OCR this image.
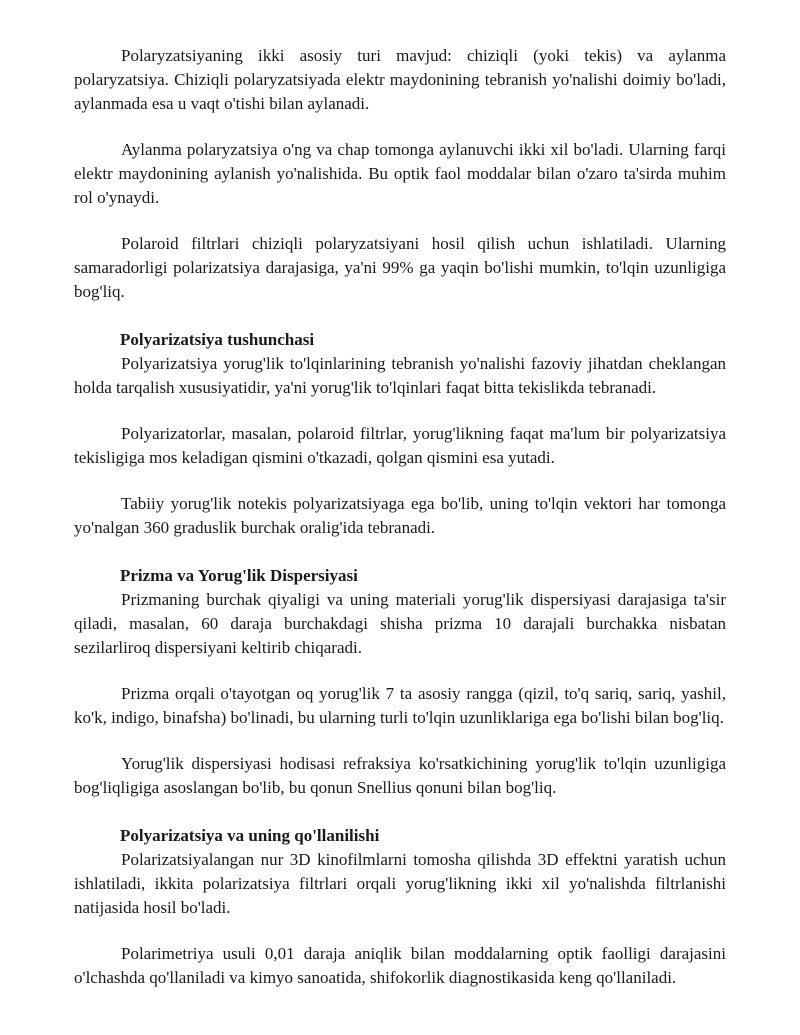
Polaryzatsiyaning ikki asosiy turi mavjud: chiziqli (yoki tekis) va aylanma polaryzatsiya. Chiziqli polaryzatsiyada elektr maydonining tebranish yo'nalishi doimiy bo'ladi, aylanmada esa u vaqt o'tishi bilan aylanadi.

Aylanma polaryzatsiya o'ng va chap tomonga aylanuvchi ikki xil bo'ladi. Ularning farqi elektr maydonining aylanish yo'nalishida. Bu optik faol moddalar bilan o'zaro ta'sirda muhim rol o'ynaydi.

Polaroid filtrlari chiziqli polaryzatsiyani hosil qilish uchun ishlatiladi. Ularning samaradorligi polarizatsiya darajasiga, ya'ni 99% ga yaqin bo'lishi mumkin, to'lqin uzunligiga bog'liq.

Polyarizatsiya tushunchasi

Polyarizatsiya yorug'lik to'lqinlarining tebranish yo'nalishi fazoviy jihatdan cheklangan holda tarqalish xususiyatidir, ya'ni yorug'lik to'lqinlari faqat bitta tekislikda tebranadi.

Polyarizatorlar, masalan, polaroid filtrlar, yorug'likning faqat ma'lum bir polyarizatsiya tekisligiga mos keladigan qismini o'tkazadi, qolgan qismini esa yutadi.

Tabiiy yorug'lik notekis polyarizatsiyaga ega bo'lib, uning to'lqin vektori har tomonga yo'nalgan 360 graduslik burchak oralig'ida tebranadi.

Prizma va Yorug'lik Dispersiyasi

Prizmaning burchak qiyaligi va uning materiali yorug'lik dispersiyasi darajasiga ta'sir qiladi, masalan, 60 daraja burchakdagi shisha prizma 10 darajali burchakka nisbatan sezilarliroq dispersiyani keltirib chiqaradi.

Prizma orqali o'tayotgan oq yorug'lik 7 ta asosiy rangga (qizil, to'q sariq, sariq, yashil, ko'k, indigo, binafsha) bo'linadi, bu ularning turli to'lqin uzunliklariga ega bo'lishi bilan bog'liq.

Yorug'lik dispersiyasi hodisasi refraksiya ko'rsatkichining yorug'lik to'lqin uzunligiga bog'liqligiga asoslangan bo'lib, bu qonun Snellius qonuni bilan bog'liq.

Polyarizatsiya va uning qo'llanilishi

Polarizatsiyalangan nur 3D kinofilmlarni tomosha qilishda 3D effektni yaratish uchun ishlatiladi, ikkita polarizatsiya filtrlari orqali yorug'likning ikki xil yo'nalishda filtrlanishi natijasida hosil bo'ladi.

Polarimetriya usuli 0,01 daraja aniqlik bilan moddalarning optik faolligi darajasini o'lchashda qo'llaniladi va kimyo sanoatida, shifokorlik diagnostikasida keng qo'llaniladi.
